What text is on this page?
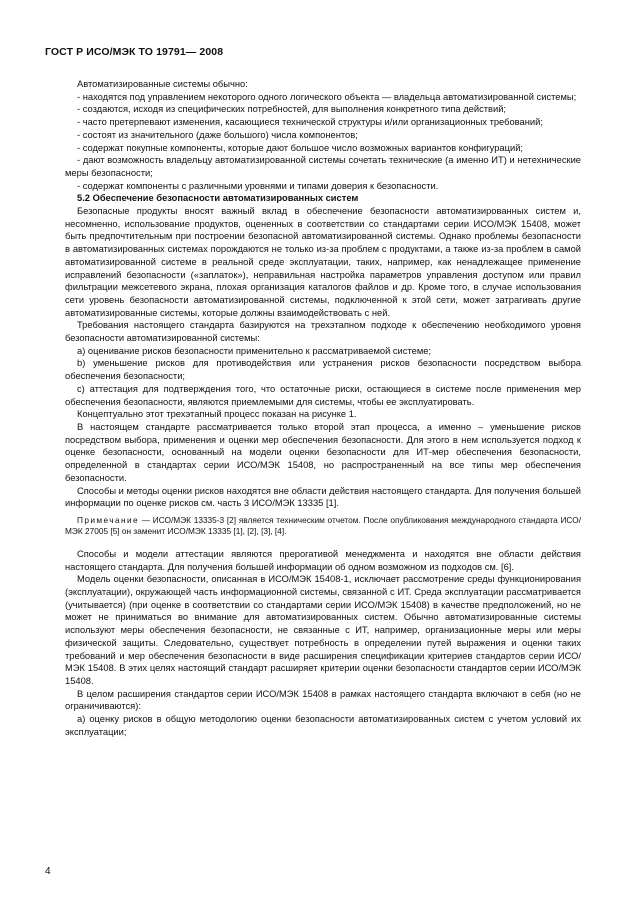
ГОСТ Р ИСО/МЭК ТО 19791— 2008

Автоматизированные системы обычно:

- находятся под управлением некоторого одного логического объекта — владельца автоматизированной системы;

- создаются, исходя из специфических потребностей, для выполнения конкретного типа действий;

- часто претерпевают изменения, касающиеся технической структуры и/или организационных требований;

- состоят из значительного (даже большого) числа компонентов;

- содержат покупные компоненты, которые дают большое число возможных вариантов конфигураций;

- дают возможность владельцу автоматизированной системы сочетать технические (а именно ИТ) и нетехнические меры безопасности;

- содержат компоненты с различными уровнями и типами доверия к безопасности.

5.2 Обеспечение безопасности автоматизированных систем

Безопасные продукты вносят важный вклад в обеспечение безопасности автоматизированных систем и, несомненно, использование продуктов, оцененных в соответствии со стандартами серии ИСО/МЭК 15408, может быть предпочтительным при построении безопасной автоматизированной системы. Однако проблемы безопасности в автоматизированных системах порождаются не только из-за проблем с продуктами, а также из-за проблем в самой автоматизированной системе в реальной среде эксплуатации, таких, например, как ненадлежащее применение исправлений безопасности («заплаток»), неправильная настройка параметров управления доступом или правил фильтрации межсетевого экрана, плохая организация каталогов файлов и др. Кроме того, в случае использования сети уровень безопасности автоматизированной системы, подключенной к этой сети, может затрагивать другие автоматизированные системы, которые должны взаимодействовать с ней.

Требования настоящего стандарта базируются на трехэтапном подходе к обеспечению необходимого уровня безопасности автоматизированной системы:

а) оценивание рисков безопасности применительно к рассматриваемой системе;

b) уменьшение рисков для противодействия или устранения рисков безопасности посредством выбора обеспечения безопасности;

с) аттестация для подтверждения того, что остаточные риски, остающиеся в системе после применения мер обеспечения безопасности, являются приемлемыми для системы, чтобы ее эксплуатировать.

Концептуально этот трехэтапный процесс показан на рисунке 1.

В настоящем стандарте рассматривается только второй этап процесса, а именно – уменьшение рисков посредством выбора, применения и оценки мер обеспечения безопасности. Для этого в нем используется подход к оценке безопасности, основанный на модели оценки безопасности для ИТ-мер обеспечения безопасности, определенной в стандартах серии ИСО/МЭК 15408, но распространенный на все типы мер обеспечения безопасности.

Способы и методы оценки рисков находятся вне области действия настоящего стандарта. Для получения большей информации по оценке рисков см. часть 3 ИСО/МЭК 13335 [1].

Примечание — ИСО/МЭК 13335-3 [2] является техническим отчетом. После опубликования международного стандарта ИСО/МЭК 27005 [5] он заменит ИСО/МЭК 13335 [1], [2], [3], [4].

Способы и модели аттестации являются прерогативой менеджмента и находятся вне области действия настоящего стандарта. Для получения большей информации об одном возможном из подходов см. [6].

Модель оценки безопасности, описанная в ИСО/МЭК 15408-1, исключает рассмотрение среды функционирования (эксплуатации), окружающей часть информационной системы, связанной с ИТ. Среда эксплуатации рассматривается (учитывается) (при оценке в соответствии со стандартами серии ИСО/МЭК 15408) в качестве предположений, но не может не приниматься во внимание для автоматизированных систем. Обычно автоматизированные системы используют меры обеспечения безопасности, не связанные с ИТ, например, организационные меры или меры физической защиты. Следовательно, существует потребность в определении путей выражения и оценки таких требований и мер обеспечения безопасности в виде расширения спецификации критериев стандартов серии ИСО/МЭК 15408. В этих целях настоящий стандарт расширяет критерии оценки безопасности стандартов серии ИСО/МЭК 15408.

В целом расширения стандартов серии ИСО/МЭК 15408 в рамках настоящего стандарта включают в себя (но не ограничиваются):

а) оценку рисков в общую методологию оценки безопасности автоматизированных систем с учетом условий их эксплуатации;

4
